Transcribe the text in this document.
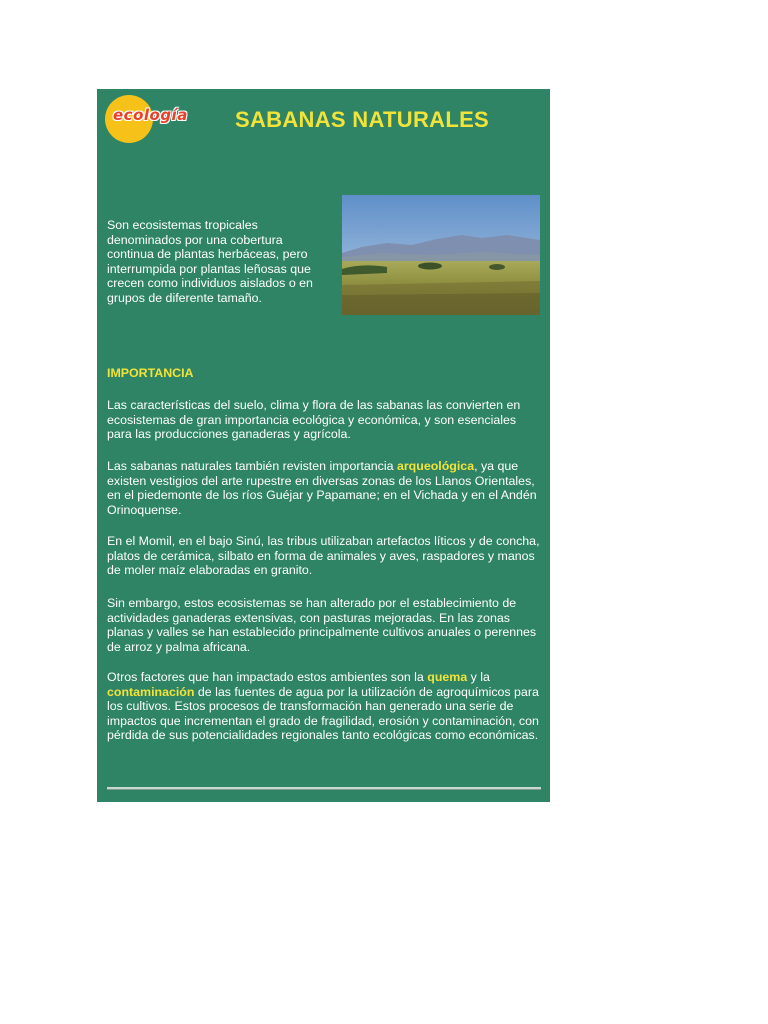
ecología SABANAS NATURALES
Son ecosistemas tropicales denominados por una cobertura continua de plantas herbáceas, pero interrumpida por plantas leñosas que crecen como individuos aislados o en grupos de diferente tamaño.
IMPORTANCIA
Las características del suelo, clima y flora de las sabanas las convierten en ecosistemas de gran importancia ecológica y económica, y son esenciales para las producciones ganaderas y agrícola.
Las sabanas naturales también revisten importancia arqueológica, ya que existen vestigios del arte rupestre en diversas zonas de los Llanos Orientales, en el piedemonte de los ríos Guéjar y Papamane; en el Vichada y en el Andén Orinoquense.
En el Momil, en el bajo Sinú, las tribus utilizaban artefactos líticos y de concha, platos de cerámica, silbato en forma de animales y aves, raspadores y manos de moler maíz elaboradas en granito.
Sin embargo, estos ecosistemas se han alterado por el establecimiento de actividades ganaderas extensivas, con pasturas mejoradas. En las zonas planas y valles se han establecido principalmente cultivos anuales o perennes de arroz y palma africana.
Otros factores que han impactado estos ambientes son la quema y la contaminación de las fuentes de agua por la utilización de agroquímicos para los cultivos. Estos procesos de transformación han generado una serie de impactos que incrementan el grado de fragilidad, erosión y contaminación, con pérdida de sus potencialidades regionales tanto ecológicas como económicas.
